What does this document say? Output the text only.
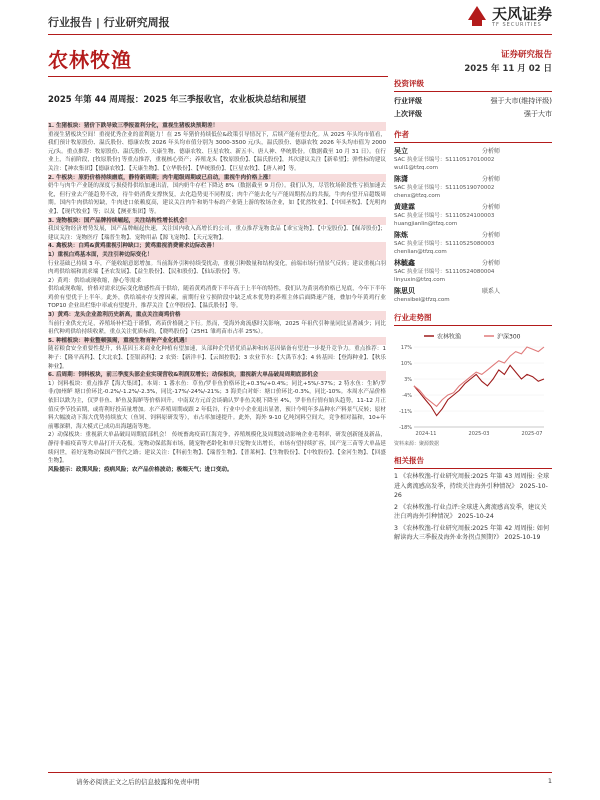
行业报告 | 行业研究周报	天风证券
TF SECURITIES
农林牧渔	证券研究报告
2025 年 11 月 02 日
2025 年第 44 周周报：2025 年三季报收官，农业板块总结和展望

1. 生猪板块：猪价下跌导致三季报盈利分化，重视生猪板块预期差！

重视生猪板块空间！重视优秀企业的盈利能力！在 25 年猪价持续低位&政策引导情况下，后续产能有望去化。从 2025 年头均市值看，我们预计牧原股份、温氏股份、德康农牧 2026 年头均市值分别为 3000-3500 元/头，温氏股份、德康农牧 2026 年头均市值为 2000 元/头。重点推荐：牧原股份、温氏股份、天康生物、德康农牧、巨星农牧、新五丰、唐人神、华统股份。（数据截至 10 月 31 日）。在行业上，当前阶段，[牧原股份] 等重点推荐，重视核心资产；养殖龙头【牧原股份】、【温氏股份】，其次建议关注【新希望】；弹性标的建议关注：【神农集团】【德康农牧】、【天康生物】、【立华股份】、【华统股份】、【巨星农牧】、【唐人神】等。

2. 牛板块：原奶价格持续磨底，静待新周期；肉牛超级周期或已启动，重视牛肉价格上涨！

奶牛与肉牛产业链的深度亏损使得供给加速出清，国内奶牛存栏下降达 8%（数据截至 9 月份）。我们认为，尽管牧场阶段性亏损加速去化，但行业去产能趋势不改，待牛奶消费支撑恢复，去化趋势更不同程度；肉牛产能去化与产能周期拐点的共振，牛肉有望开启超级周期。国内牛肉供给短缺，牛肉进口依赖度高，建议关注肉牛和奶牛标的产业链上游的牧场企业，如【优然牧业】、【中国圣牧】、【光明肉业】、【现代牧业】等；以及【澳亚集团】等。

3. 宠物板块：国产品牌持续崛起，关注结构性增长机会！

我国宠物经济增势发展，国产品牌崛起快速，关注国内收入高增长的公司，重点推荐宠物食品【乖宝宠物】、【中宠股份】、【佩蒂股份】；建议关注：宠物医疗【瑞普生物】、宠物用品【源飞宠物】、【天元宠物】。

4. 禽板块：白鸡&黄鸡重视引种缺口；黄鸡重视消费需求边际改善！

1）重视白鸡基本面，关注引种边际变化！

行业基础已持续 3 年，产能收缩意愿增加。当前海外引种持续受扰动，重视引种数量和结构变化，前端市场行情景气反转；建议重视白羽肉鸡供给端和需求端【圣农发展】、【益生股份】、【民和股份】、【仙坛股份】等。

2）黄鸡：供给或现收缩，静心等需求

供给或现收缩，价格对需求边际变化敏感性高于供给，随着黄鸡消费下半年高于上半年的特性，我们认为黄羽鸡价格已见底，今年下半年鸡价有望优于上半年。此外，供给端亦存支撑因素，前期行业亏损阶段中缺乏成本优势的养殖主体后面降速产能，叠加今年黄鸡行业 TOP10 企业出栏集中率或有望提升，推荐关注【立华股份】、【温氏股份】等。

3）黄鸡：龙头企业盈利历史新高，重点关注商鸡价格

当前行业供充充足，养殖场补栏趋于谨慎，鸡苗价格随之下行。然而，受海外禽流感时关影响，2025 年祖代引种量同比显著减少；同比祖代种鸡供给持续收紧，重点关注优质标的，【晓鸣股份】（25H1 雏鸡苗市占率 25%）。

5. 种植板块：种业整顿强需，重视生物育种产业化机遇！

随着粮食安全重要性提升，转基因玉米商业化种植有望加速，头部种企凭借优质品种和转基因储备有望进一步提升竞争力。重点推荐：1 种子：【隆平高科】、【大北农】、【荃银高科】；2 农资：【新洋丰】、【云图控股】；3 农业节水：【大禹节水】；4 转基因：【登海种业】、【秋乐种业】。

6. 后周期：饲料板块，前三季度头部企业实现营收&利润双增长；动保板块，重视新大单品破局周期底部机会

1）饲料板块：重点推荐【海大集团】。本周：1 番水鱼：草鱼/罗非鱼价格环比+0.3%/+0.4%；同比+5%/-37%；2 特水鱼：生鲈/罗非/加州鲈 塘口价环比-0.2%/-1.2%/-2.3%，同比-17%/-24%/-21%；3 海美白对虾：塘口价环比-0.3%，同比-10%。本周水产品价格依旧以跌为主，仅罗非鱼、鲈鱼及海鲈等价格回升。中南双方元首会谈确认罗非鱼关税下降至 4%，罗非鱼行情有始头趋势，11-12 月正值反季节投苗期，或将利好投苗量增加。水产养殖周期或跟 2 年低谷，行业中小企业退出显著，预计今明年多品种水产料景气反转；原材料大幅波动下海大优势持续放大（鱼饲、饲料原研发等），市占率加速提升。此外，海外 9-10 亿吨饲料空间大，竞争相对温和，10+年前哪深耕，海大模式已成功出海越南等地。

2）动保板块：重视新大单品破局周期底部机会！ 传统畜禽疫苗红海竞争，养殖规模化及周期波动影响企业毛利率，研发创新能及新品，静待非瘟疫苗等大单品打开天花板。宠物动保蓝海市场，随宠物老龄化和单只宠物支出增长，市场有望持续扩容，国产宠三苗等大单品延续问世，着好宠物动保国产替代之路；建议关注：【科前生物】、【瑞普生物】、【普莱柯】、【生物股份】、【中牧股份】、【金河生物】、【回盛生物】。

风险提示：政策风险；疫病风险；农产品价格波动；极端天气；进口变动。

投资评级
行业评级	强于大市(维持评级)
上次评级	强于大市
作者
吴立	分析师
SAC 执业证书编号：S1110517010002
wuli1@tfzq.com
陈潇	分析师
SAC 执业证书编号：S1110519070002
chenx@tfzq.com
黄建霖	分析师
SAC 执业证书编号：S1110524100003
huangjianlin@tfzq.com
陈炼	分析师
SAC 执业证书编号：S1110525080003
chenlian@tfzq.com
林毓鑫	分析师
SAC 执业证书编号：S1110524080004
linyuxin@tfzq.com
陈思贝	联系人
chensibei@tfzq.com
行业走势图
农林牧渔	沪深300
17%
10%
3%
-4%
-11%
-18%
2024-11	2025-03	2025-07
资料来源：聚源数据
相关报告
1 《农林牧渔-行业研究周报:2025 年第 43 周周报: 全球进入禽流感高发季，持续关注海外引种情况》 2025-10-26
2 《农林牧渔-行业点评:全球进入禽流感高发季，建议关注白鸡海外引种情况》 2025-10-24
3 《农林牧渔-行业研究周报:2025 年第 42 周周报: 如何解读海大三季报及海外业务拐点预期?》 2025-10-19
请务必阅读正文之后的信息披露和免责申明	1
